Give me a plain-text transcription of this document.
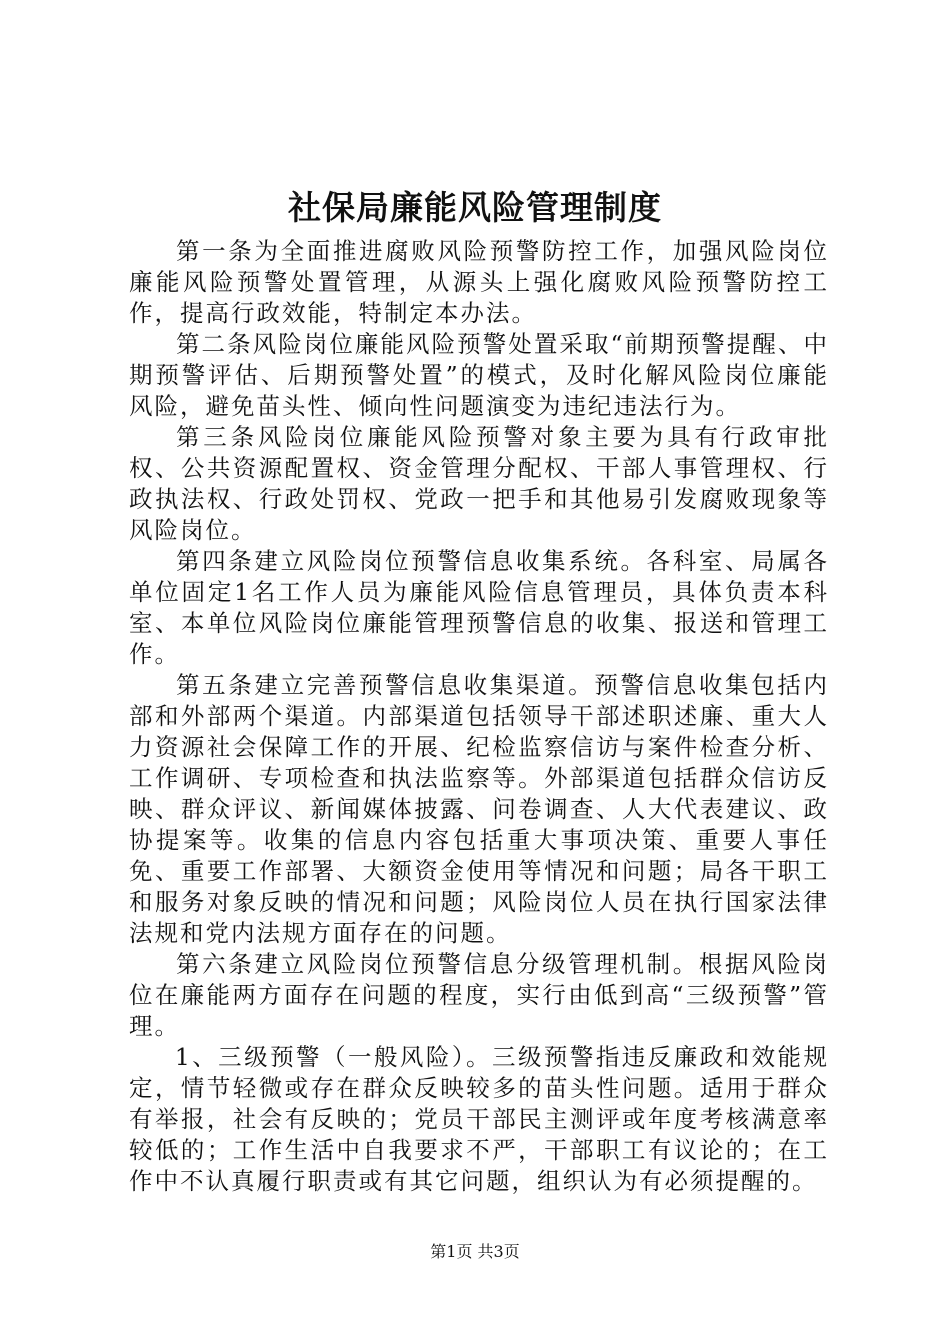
社保局廉能风险管理制度

第一条为全面推进腐败风险预警防控工作，加强风险岗位廉能风险预警处置管理，从源头上强化腐败风险预警防控工作，提高行政效能，特制定本办法。

第二条风险岗位廉能风险预警处置采取“前期预警提醒、中期预警评估、后期预警处置”的模式，及时化解风险岗位廉能风险，避免苗头性、倾向性问题演变为违纪违法行为。

第三条风险岗位廉能风险预警对象主要为具有行政审批权、公共资源配置权、资金管理分配权、干部人事管理权、行政执法权、行政处罚权、党政一把手和其他易引发腐败现象等风险岗位。

第四条建立风险岗位预警信息收集系统。各科室、局属各单位固定1名工作人员为廉能风险信息管理员，具体负责本科室、本单位风险岗位廉能管理预警信息的收集、报送和管理工作。

第五条建立完善预警信息收集渠道。预警信息收集包括内部和外部两个渠道。内部渠道包括领导干部述职述廉、重大人力资源社会保障工作的开展、纪检监察信访与案件检查分析、工作调研、专项检查和执法监察等。外部渠道包括群众信访反映、群众评议、新闻媒体披露、问卷调查、人大代表建议、政协提案等。收集的信息内容包括重大事项决策、重要人事任免、重要工作部署、大额资金使用等情况和问题；局各干职工和服务对象反映的情况和问题；风险岗位人员在执行国家法律法规和党内法规方面存在的问题。

第六条建立风险岗位预警信息分级管理机制。根据风险岗位在廉能两方面存在问题的程度，实行由低到高“三级预警”管理。

1、三级预警（一般风险）。三级预警指违反廉政和效能规定，情节轻微或存在群众反映较多的苗头性问题。适用于群众有举报，社会有反映的；党员干部民主测评或年度考核满意率较低的；工作生活中自我要求不严，干部职工有议论的；在工作中不认真履行职责或有其它问题，组织认为有必须提醒的。

第1页 共3页
